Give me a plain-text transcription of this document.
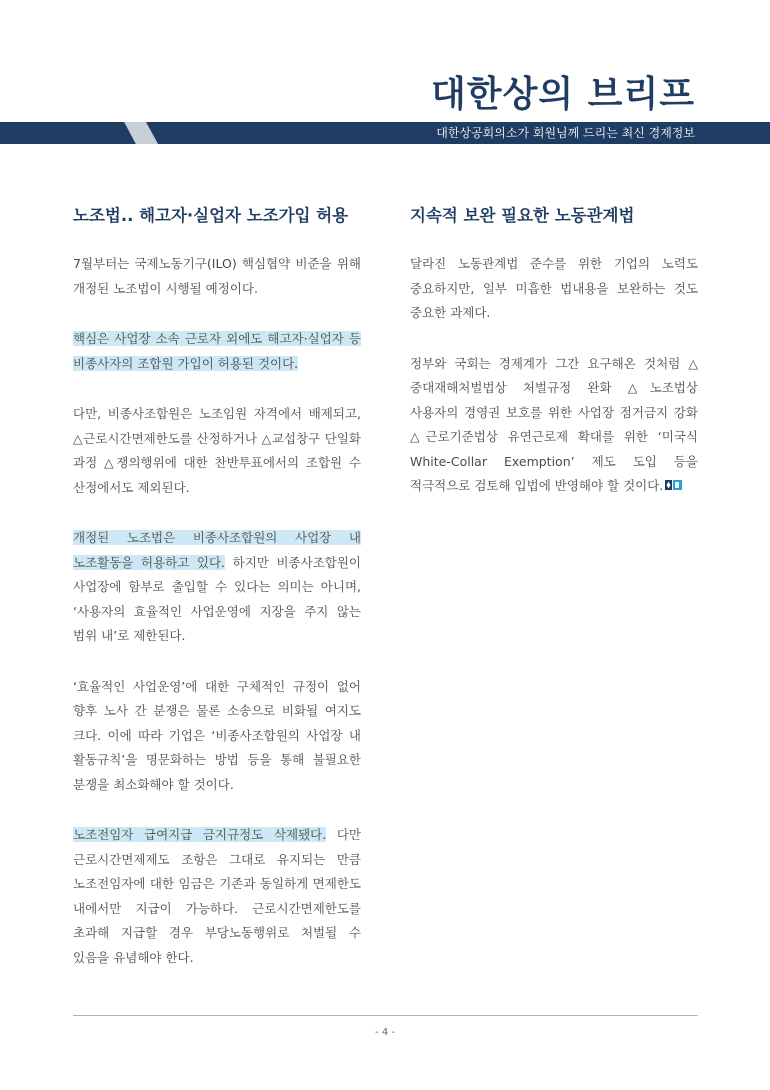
대한상의 브리프
대한상공회의소가 회원님께 드리는 최신 경제정보
노조법.. 해고자·실업자 노조가입 허용

7월부터는 국제노동기구(ILO) 핵심협약 비준을 위해 개정된 노조법이 시행될 예정이다.

핵심은 사업장 소속 근로자 외에도 해고자·실업자 등 비종사자의 조합원 가입이 허용된 것이다.

다만, 비종사조합원은 노조임원 자격에서 배제되고, △근로시간면제한도를 산정하거나 △교섭창구 단일화 과정 △쟁의행위에 대한 찬반투표에서의 조합원 수 산정에서도 제외된다.

개정된 노조법은 비종사조합원의 사업장 내 노조활동을 허용하고 있다. 하지만 비종사조합원이 사업장에 함부로 출입할 수 있다는 의미는 아니며, ‘사용자의 효율적인 사업운영에 지장을 주지 않는 범위 내’로 제한된다.

‘효율적인 사업운영’에 대한 구체적인 규정이 없어 향후 노사 간 분쟁은 물론 소송으로 비화될 여지도 크다. 이에 따라 기업은 ‘비종사조합원의 사업장 내 활동규칙’을 명문화하는 방법 등을 통해 불필요한 분쟁을 최소화해야 할 것이다.

노조전임자 급여지급 금지규정도 삭제됐다. 다만 근로시간면제제도 조항은 그대로 유지되는 만큼 노조전임자에 대한 임금은 기존과 동일하게 면제한도 내에서만 지급이 가능하다. 근로시간면제한도를 초과해 지급할 경우 부당노동행위로 처벌될 수 있음을 유념해야 한다.

지속적 보완 필요한 노동관계법

달라진 노동관계법 준수를 위한 기업의 노력도 중요하지만, 일부 미흡한 법내용을 보완하는 것도 중요한 과제다.

정부와 국회는 경제계가 그간 요구해온 것처럼 △중대재해처벌법상 처벌규정 완화 △노조법상 사용자의 경영권 보호를 위한 사업장 점거금지 강화 △근로기준법상 유연근로제 확대를 위한 ‘미국식 White-Collar Exemption’ 제도 도입 등을 적극적으로 검토해 입법에 반영해야 할 것이다.

- 4 -
